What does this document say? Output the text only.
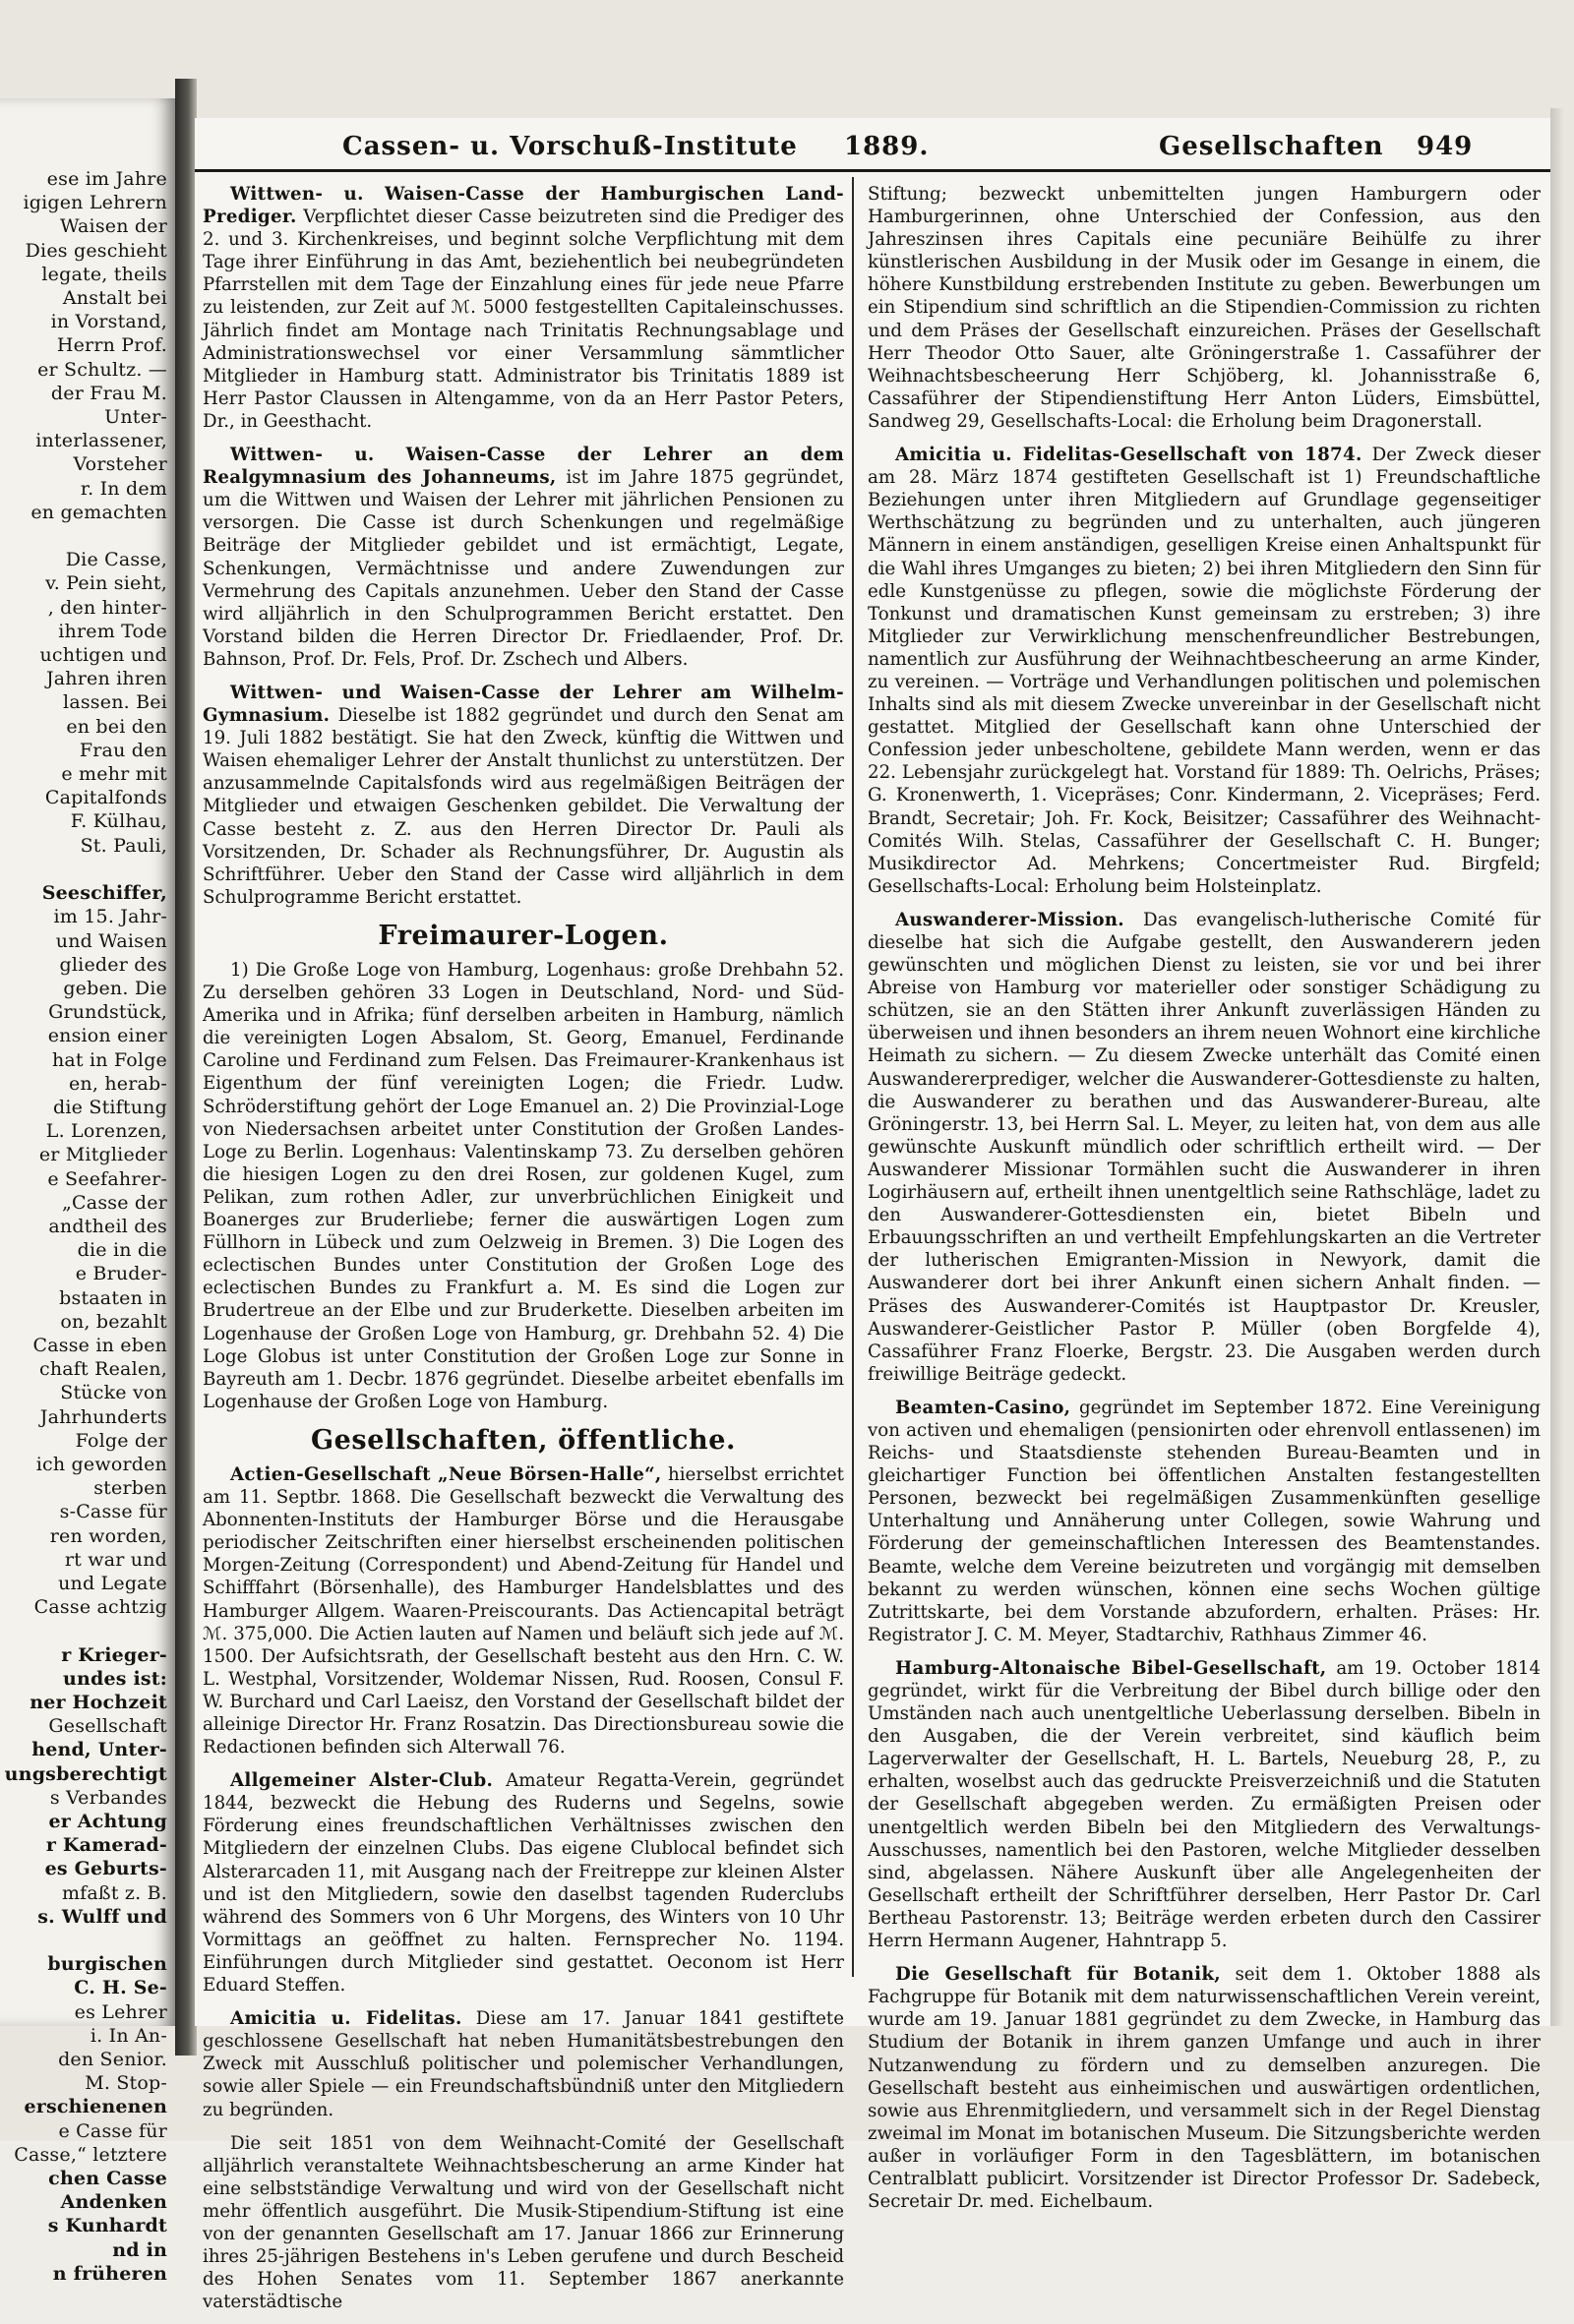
ese im Jahre
igigen Lehrern
Waisen der
Dies geschieht
legate, theils
Anstalt bei
in Vorstand,
Herrn Prof.
er Schultz. —
der Frau M.
Unter-
interlassener,
Vorsteher
r. In dem
en gemachten

Die Casse,
v. Pein sieht,
, den hinter-
ihrem Tode
uchtigen und
Jahren ihren
lassen. Bei
en bei den
Frau den
e mehr mit
Capitalfonds
F. Külhau,
St. Pauli,

Seeschiffer,
im 15. Jahr-
und Waisen
glieder des
geben. Die
Grundstück,
ension einer
hat in Folge
en, herab-
die Stiftung
L. Lorenzen,
er Mitglieder
e Seefahrer-
„Casse der
andtheil des
die in die
e Bruder-
bstaaten in
on, bezahlt
Casse in eben
chaft Realen,
Stücke von
Jahrhunderts
Folge der
ich geworden
sterben
s-Casse für
ren worden,
rt war und
und Legate
Casse achtzig

r Krieger-
undes ist:
ner Hochzeit
Gesellschaft
hend, Unter-
ungsberechtigt
s Verbandes
er Achtung
r Kamerad-
es Geburts-
mfaßt z. B.
s. Wulff und

burgischen
C. H. Se-
es Lehrer
i. In An-
den Senior.
M. Stop-
erschienenen
e Casse für
Casse,“ letztere
chen Casse
Andenken
s Kunhardt
nd in
n früheren
Cassen- u. Vorschuß-Institute 1889.	Gesellschaften 949

Wittwen- u. Waisen-Casse der Hamburgischen Land-Prediger. Verpflichtet dieser Casse beizutreten sind die Prediger des 2. und 3. Kirchenkreises, und beginnt solche Verpflichtung mit dem Tage ihrer Einführung in das Amt, beziehentlich bei neubegründeten Pfarrstellen mit dem Tage der Einzahlung eines für jede neue Pfarre zu leistenden, zur Zeit auf ℳ. 5000 festgestellten Capitaleinschusses. Jährlich findet am Montage nach Trinitatis Rechnungsablage und Administrationswechsel vor einer Versammlung sämmtlicher Mitglieder in Hamburg statt. Administrator bis Trinitatis 1889 ist Herr Pastor Claussen in Altengamme, von da an Herr Pastor Peters, Dr., in Geesthacht.

Wittwen- u. Waisen-Casse der Lehrer an dem Realgymnasium des Johanneums, ist im Jahre 1875 gegründet, um die Wittwen und Waisen der Lehrer mit jährlichen Pensionen zu versorgen. Die Casse ist durch Schenkungen und regelmäßige Beiträge der Mitglieder gebildet und ist ermächtigt, Legate, Schenkungen, Vermächtnisse und andere Zuwendungen zur Vermehrung des Capitals anzunehmen. Ueber den Stand der Casse wird alljährlich in den Schulprogrammen Bericht erstattet. Den Vorstand bilden die Herren Director Dr. Friedlaender, Prof. Dr. Bahnson, Prof. Dr. Fels, Prof. Dr. Zschech und Albers.

Wittwen- und Waisen-Casse der Lehrer am Wilhelm-Gymnasium. Dieselbe ist 1882 gegründet und durch den Senat am 19. Juli 1882 bestätigt. Sie hat den Zweck, künftig die Wittwen und Waisen ehemaliger Lehrer der Anstalt thunlichst zu unterstützen. Der anzusammelnde Capitalsfonds wird aus regelmäßigen Beiträgen der Mitglieder und etwaigen Geschenken gebildet. Die Verwaltung der Casse besteht z. Z. aus den Herren Director Dr. Pauli als Vorsitzenden, Dr. Schader als Rechnungsführer, Dr. Augustin als Schriftführer. Ueber den Stand der Casse wird alljährlich in dem Schulprogramme Bericht erstattet.

Freimaurer-Logen.

1) Die Große Loge von Hamburg, Logenhaus: große Drehbahn 52. Zu derselben gehören 33 Logen in Deutschland, Nord- und Süd-Amerika und in Afrika; fünf derselben arbeiten in Hamburg, nämlich die vereinigten Logen Absalom, St. Georg, Emanuel, Ferdinande Caroline und Ferdinand zum Felsen. Das Freimaurer-Krankenhaus ist Eigenthum der fünf vereinigten Logen; die Friedr. Ludw. Schröderstiftung gehört der Loge Emanuel an. 2) Die Provinzial-Loge von Niedersachsen arbeitet unter Constitution der Großen Landes-Loge zu Berlin. Logenhaus: Valentinskamp 73. Zu derselben gehören die hiesigen Logen zu den drei Rosen, zur goldenen Kugel, zum Pelikan, zum rothen Adler, zur unverbrüchlichen Einigkeit und Boanerges zur Bruderliebe; ferner die auswärtigen Logen zum Füllhorn in Lübeck und zum Oelzweig in Bremen. 3) Die Logen des eclectischen Bundes unter Constitution der Großen Loge des eclectischen Bundes zu Frankfurt a. M. Es sind die Logen zur Brudertreue an der Elbe und zur Bruderkette. Dieselben arbeiten im Logenhause der Großen Loge von Hamburg, gr. Drehbahn 52. 4) Die Loge Globus ist unter Constitution der Großen Loge zur Sonne in Bayreuth am 1. Decbr. 1876 gegründet. Dieselbe arbeitet ebenfalls im Logenhause der Großen Loge von Hamburg.

Gesellschaften, öffentliche.

Actien-Gesellschaft „Neue Börsen-Halle“, hierselbst errichtet am 11. Septbr. 1868. Die Gesellschaft bezweckt die Verwaltung des Abonnenten-Instituts der Hamburger Börse und die Herausgabe periodischer Zeitschriften einer hierselbst erscheinenden politischen Morgen-Zeitung (Correspondent) und Abend-Zeitung für Handel und Schifffahrt (Börsenhalle), des Hamburger Handelsblattes und des Hamburger Allgem. Waaren-Preiscourants. Das Actiencapital beträgt ℳ. 375,000. Die Actien lauten auf Namen und beläuft sich jede auf ℳ. 1500. Der Aufsichtsrath, der Gesellschaft besteht aus den Hrn. C. W. L. Westphal, Vorsitzender, Woldemar Nissen, Rud. Roosen, Consul F. W. Burchard und Carl Laeisz, den Vorstand der Gesellschaft bildet der alleinige Director Hr. Franz Rosatzin. Das Directionsbureau sowie die Redactionen befinden sich Alterwall 76.

Allgemeiner Alster-Club. Amateur Regatta-Verein, gegründet 1844, bezweckt die Hebung des Ruderns und Segelns, sowie Förderung eines freundschaftlichen Verhältnisses zwischen den Mitgliedern der einzelnen Clubs. Das eigene Clublocal befindet sich Alsterarcaden 11, mit Ausgang nach der Freitreppe zur kleinen Alster und ist den Mitgliedern, sowie den daselbst tagenden Ruderclubs während des Sommers von 6 Uhr Morgens, des Winters von 10 Uhr Vormittags an geöffnet zu halten. Fernsprecher No. 1194. Einführungen durch Mitglieder sind gestattet. Oeconom ist Herr Eduard Steffen.

Amicitia u. Fidelitas. Diese am 17. Januar 1841 gestiftete geschlossene Gesellschaft hat neben Humanitätsbestrebungen den Zweck mit Ausschluß politischer und polemischer Verhandlungen, sowie aller Spiele — ein Freundschaftsbündniß unter den Mitgliedern zu begründen.

Die seit 1851 von dem Weihnacht-Comité der Gesellschaft alljährlich veranstaltete Weihnachtsbescherung an arme Kinder hat eine selbstständige Verwaltung und wird von der Gesellschaft nicht mehr öffentlich ausgeführt. Die Musik-Stipendium-Stiftung ist eine von der genannten Gesellschaft am 17. Januar 1866 zur Erinnerung ihres 25-jährigen Bestehens in's Leben gerufene und durch Bescheid des Hohen Senates vom 11. September 1867 anerkannte vaterstädtische

Stiftung; bezweckt unbemittelten jungen Hamburgern oder Hamburgerinnen, ohne Unterschied der Confession, aus den Jahreszinsen ihres Capitals eine pecuniäre Beihülfe zu ihrer künstlerischen Ausbildung in der Musik oder im Gesange in einem, die höhere Kunstbildung erstrebenden Institute zu geben. Bewerbungen um ein Stipendium sind schriftlich an die Stipendien-Commission zu richten und dem Präses der Gesellschaft einzureichen. Präses der Gesellschaft Herr Theodor Otto Sauer, alte Gröningerstraße 1. Cassaführer der Weihnachtsbescheerung Herr Schjöberg, kl. Johannisstraße 6, Cassaführer der Stipendienstiftung Herr Anton Lüders, Eimsbüttel, Sandweg 29, Gesellschafts-Local: die Erholung beim Dragonerstall.

Amicitia u. Fidelitas-Gesellschaft von 1874. Der Zweck dieser am 28. März 1874 gestifteten Gesellschaft ist 1) Freundschaftliche Beziehungen unter ihren Mitgliedern auf Grundlage gegenseitiger Werthschätzung zu begründen und zu unterhalten, auch jüngeren Männern in einem anständigen, geselligen Kreise einen Anhaltspunkt für die Wahl ihres Umganges zu bieten; 2) bei ihren Mitgliedern den Sinn für edle Kunstgenüsse zu pflegen, sowie die möglichste Förderung der Tonkunst und dramatischen Kunst gemeinsam zu erstreben; 3) ihre Mitglieder zur Verwirklichung menschenfreundlicher Bestrebungen, namentlich zur Ausführung der Weihnachtbescheerung an arme Kinder, zu vereinen. — Vorträge und Verhandlungen politischen und polemischen Inhalts sind als mit diesem Zwecke unvereinbar in der Gesellschaft nicht gestattet. Mitglied der Gesellschaft kann ohne Unterschied der Confession jeder unbescholtene, gebildete Mann werden, wenn er das 22. Lebensjahr zurückgelegt hat. Vorstand für 1889: Th. Oelrichs, Präses; G. Kronenwerth, 1. Vicepräses; Conr. Kindermann, 2. Vicepräses; Ferd. Brandt, Secretair; Joh. Fr. Kock, Beisitzer; Cassaführer des Weihnacht-Comités Wilh. Stelas, Cassaführer der Gesellschaft C. H. Bunger; Musikdirector Ad. Mehrkens; Concertmeister Rud. Birgfeld; Gesellschafts-Local: Erholung beim Holsteinplatz.

Auswanderer-Mission. Das evangelisch-lutherische Comité für dieselbe hat sich die Aufgabe gestellt, den Auswanderern jeden gewünschten und möglichen Dienst zu leisten, sie vor und bei ihrer Abreise von Hamburg vor materieller oder sonstiger Schädigung zu schützen, sie an den Stätten ihrer Ankunft zuverlässigen Händen zu überweisen und ihnen besonders an ihrem neuen Wohnort eine kirchliche Heimath zu sichern. — Zu diesem Zwecke unterhält das Comité einen Auswandererprediger, welcher die Auswanderer-Gottesdienste zu halten, die Auswanderer zu berathen und das Auswanderer-Bureau, alte Gröningerstr. 13, bei Herrn Sal. L. Meyer, zu leiten hat, von dem aus alle gewünschte Auskunft mündlich oder schriftlich ertheilt wird. — Der Auswanderer Missionar Tormählen sucht die Auswanderer in ihren Logirhäusern auf, ertheilt ihnen unentgeltlich seine Rathschläge, ladet zu den Auswanderer-Gottesdiensten ein, bietet Bibeln und Erbauungsschriften an und vertheilt Empfehlungskarten an die Vertreter der lutherischen Emigranten-Mission in Newyork, damit die Auswanderer dort bei ihrer Ankunft einen sichern Anhalt finden. — Präses des Auswanderer-Comités ist Hauptpastor Dr. Kreusler, Auswanderer-Geistlicher Pastor P. Müller (oben Borgfelde 4), Cassaführer Franz Floerke, Bergstr. 23. Die Ausgaben werden durch freiwillige Beiträge gedeckt.

Beamten-Casino, gegründet im September 1872. Eine Vereinigung von activen und ehemaligen (pensionirten oder ehrenvoll entlassenen) im Reichs- und Staatsdienste stehenden Bureau-Beamten und in gleichartiger Function bei öffentlichen Anstalten festangestellten Personen, bezweckt bei regelmäßigen Zusammenkünften gesellige Unterhaltung und Annäherung unter Collegen, sowie Wahrung und Förderung der gemeinschaftlichen Interessen des Beamtenstandes. Beamte, welche dem Vereine beizutreten und vorgängig mit demselben bekannt zu werden wünschen, können eine sechs Wochen gültige Zutrittskarte, bei dem Vorstande abzufordern, erhalten. Präses: Hr. Registrator J. C. M. Meyer, Stadtarchiv, Rathhaus Zimmer 46.

Hamburg-Altonaische Bibel-Gesellschaft, am 19. October 1814 gegründet, wirkt für die Verbreitung der Bibel durch billige oder den Umständen nach auch unentgeltliche Ueberlassung derselben. Bibeln in den Ausgaben, die der Verein verbreitet, sind käuflich beim Lagerverwalter der Gesellschaft, H. L. Bartels, Neueburg 28, P., zu erhalten, woselbst auch das gedruckte Preisverzeichniß und die Statuten der Gesellschaft abgegeben werden. Zu ermäßigten Preisen oder unentgeltlich werden Bibeln bei den Mitgliedern des Verwaltungs-Ausschusses, namentlich bei den Pastoren, welche Mitglieder desselben sind, abgelassen. Nähere Auskunft über alle Angelegenheiten der Gesellschaft ertheilt der Schriftführer derselben, Herr Pastor Dr. Carl Bertheau Pastorenstr. 13; Beiträge werden erbeten durch den Cassirer Herrn Hermann Augener, Hahntrapp 5.

Die Gesellschaft für Botanik, seit dem 1. Oktober 1888 als Fachgruppe für Botanik mit dem naturwissenschaftlichen Verein vereint, wurde am 19. Januar 1881 gegründet zu dem Zwecke, in Hamburg das Studium der Botanik in ihrem ganzen Umfange und auch in ihrer Nutzanwendung zu fördern und zu demselben anzuregen. Die Gesellschaft besteht aus einheimischen und auswärtigen ordentlichen, sowie aus Ehrenmitgliedern, und versammelt sich in der Regel Dienstag zweimal im Monat im botanischen Museum. Die Sitzungsberichte werden außer in vorläufiger Form in den Tagesblättern, im botanischen Centralblatt publicirt. Vorsitzender ist Director Professor Dr. Sadebeck, Secretair Dr. med. Eichelbaum.
